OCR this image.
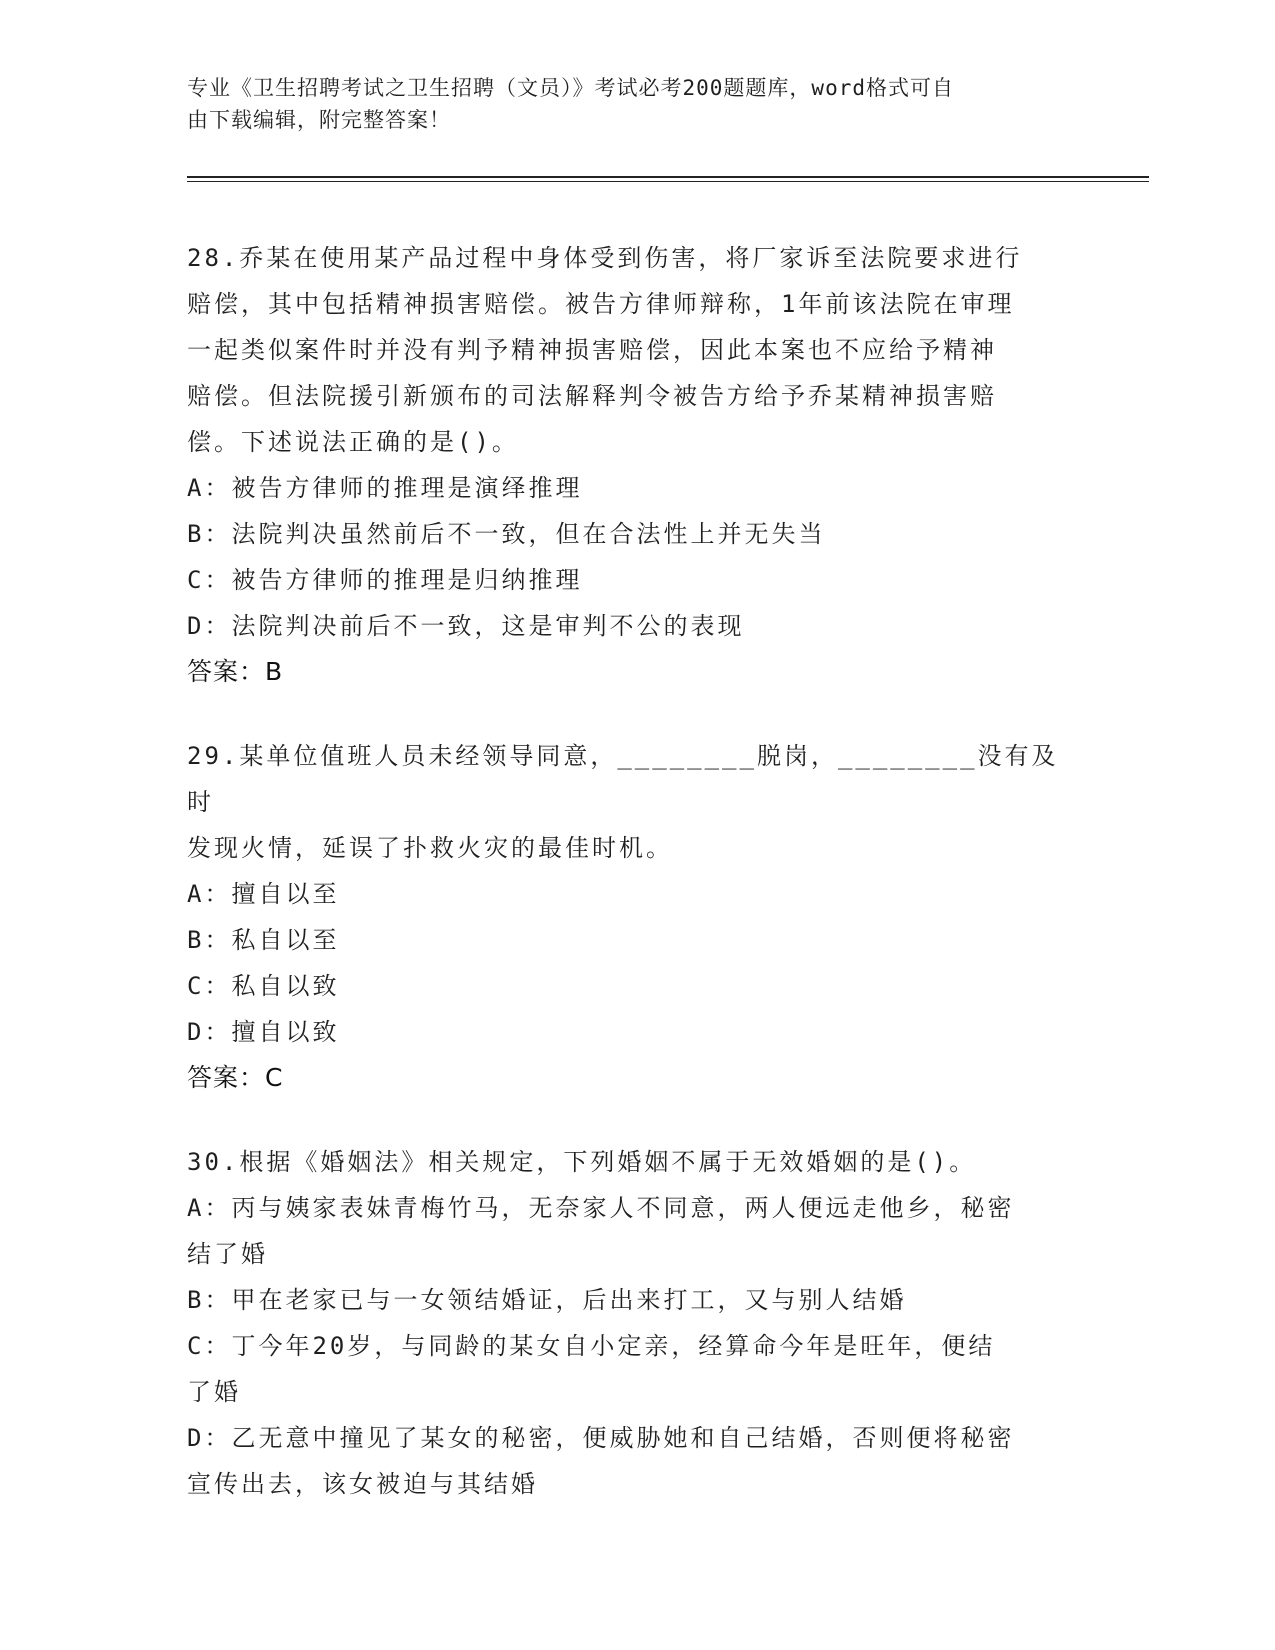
专业《卫生招聘考试之卫生招聘（文员）》考试必考200题题库，word格式可自
由下载编辑，附完整答案！
28.乔某在使用某产品过程中身体受到伤害，将厂家诉至法院要求进行
赔偿，其中包括精神损害赔偿。被告方律师辩称，1年前该法院在审理
一起类似案件时并没有判予精神损害赔偿，因此本案也不应给予精神
赔偿。但法院援引新颁布的司法解释判令被告方给予乔某精神损害赔
偿。下述说法正确的是()。
A：被告方律师的推理是演绎推理
B：法院判决虽然前后不一致，但在合法性上并无失当
C：被告方律师的推理是归纳推理
D：法院判决前后不一致，这是审判不公的表现
答案：B
29.某单位值班人员未经领导同意，________脱岗，________没有及时
发现火情，延误了扑救火灾的最佳时机。
A：擅自以至
B：私自以至
C：私自以致
D：擅自以致
答案：C
30.根据《婚姻法》相关规定，下列婚姻不属于无效婚姻的是()。
A：丙与姨家表妹青梅竹马，无奈家人不同意，两人便远走他乡，秘密
结了婚
B：甲在老家已与一女领结婚证，后出来打工，又与别人结婚
C：丁今年20岁，与同龄的某女自小定亲，经算命今年是旺年，便结
了婚
D：乙无意中撞见了某女的秘密，便威胁她和自己结婚，否则便将秘密
宣传出去，该女被迫与其结婚
